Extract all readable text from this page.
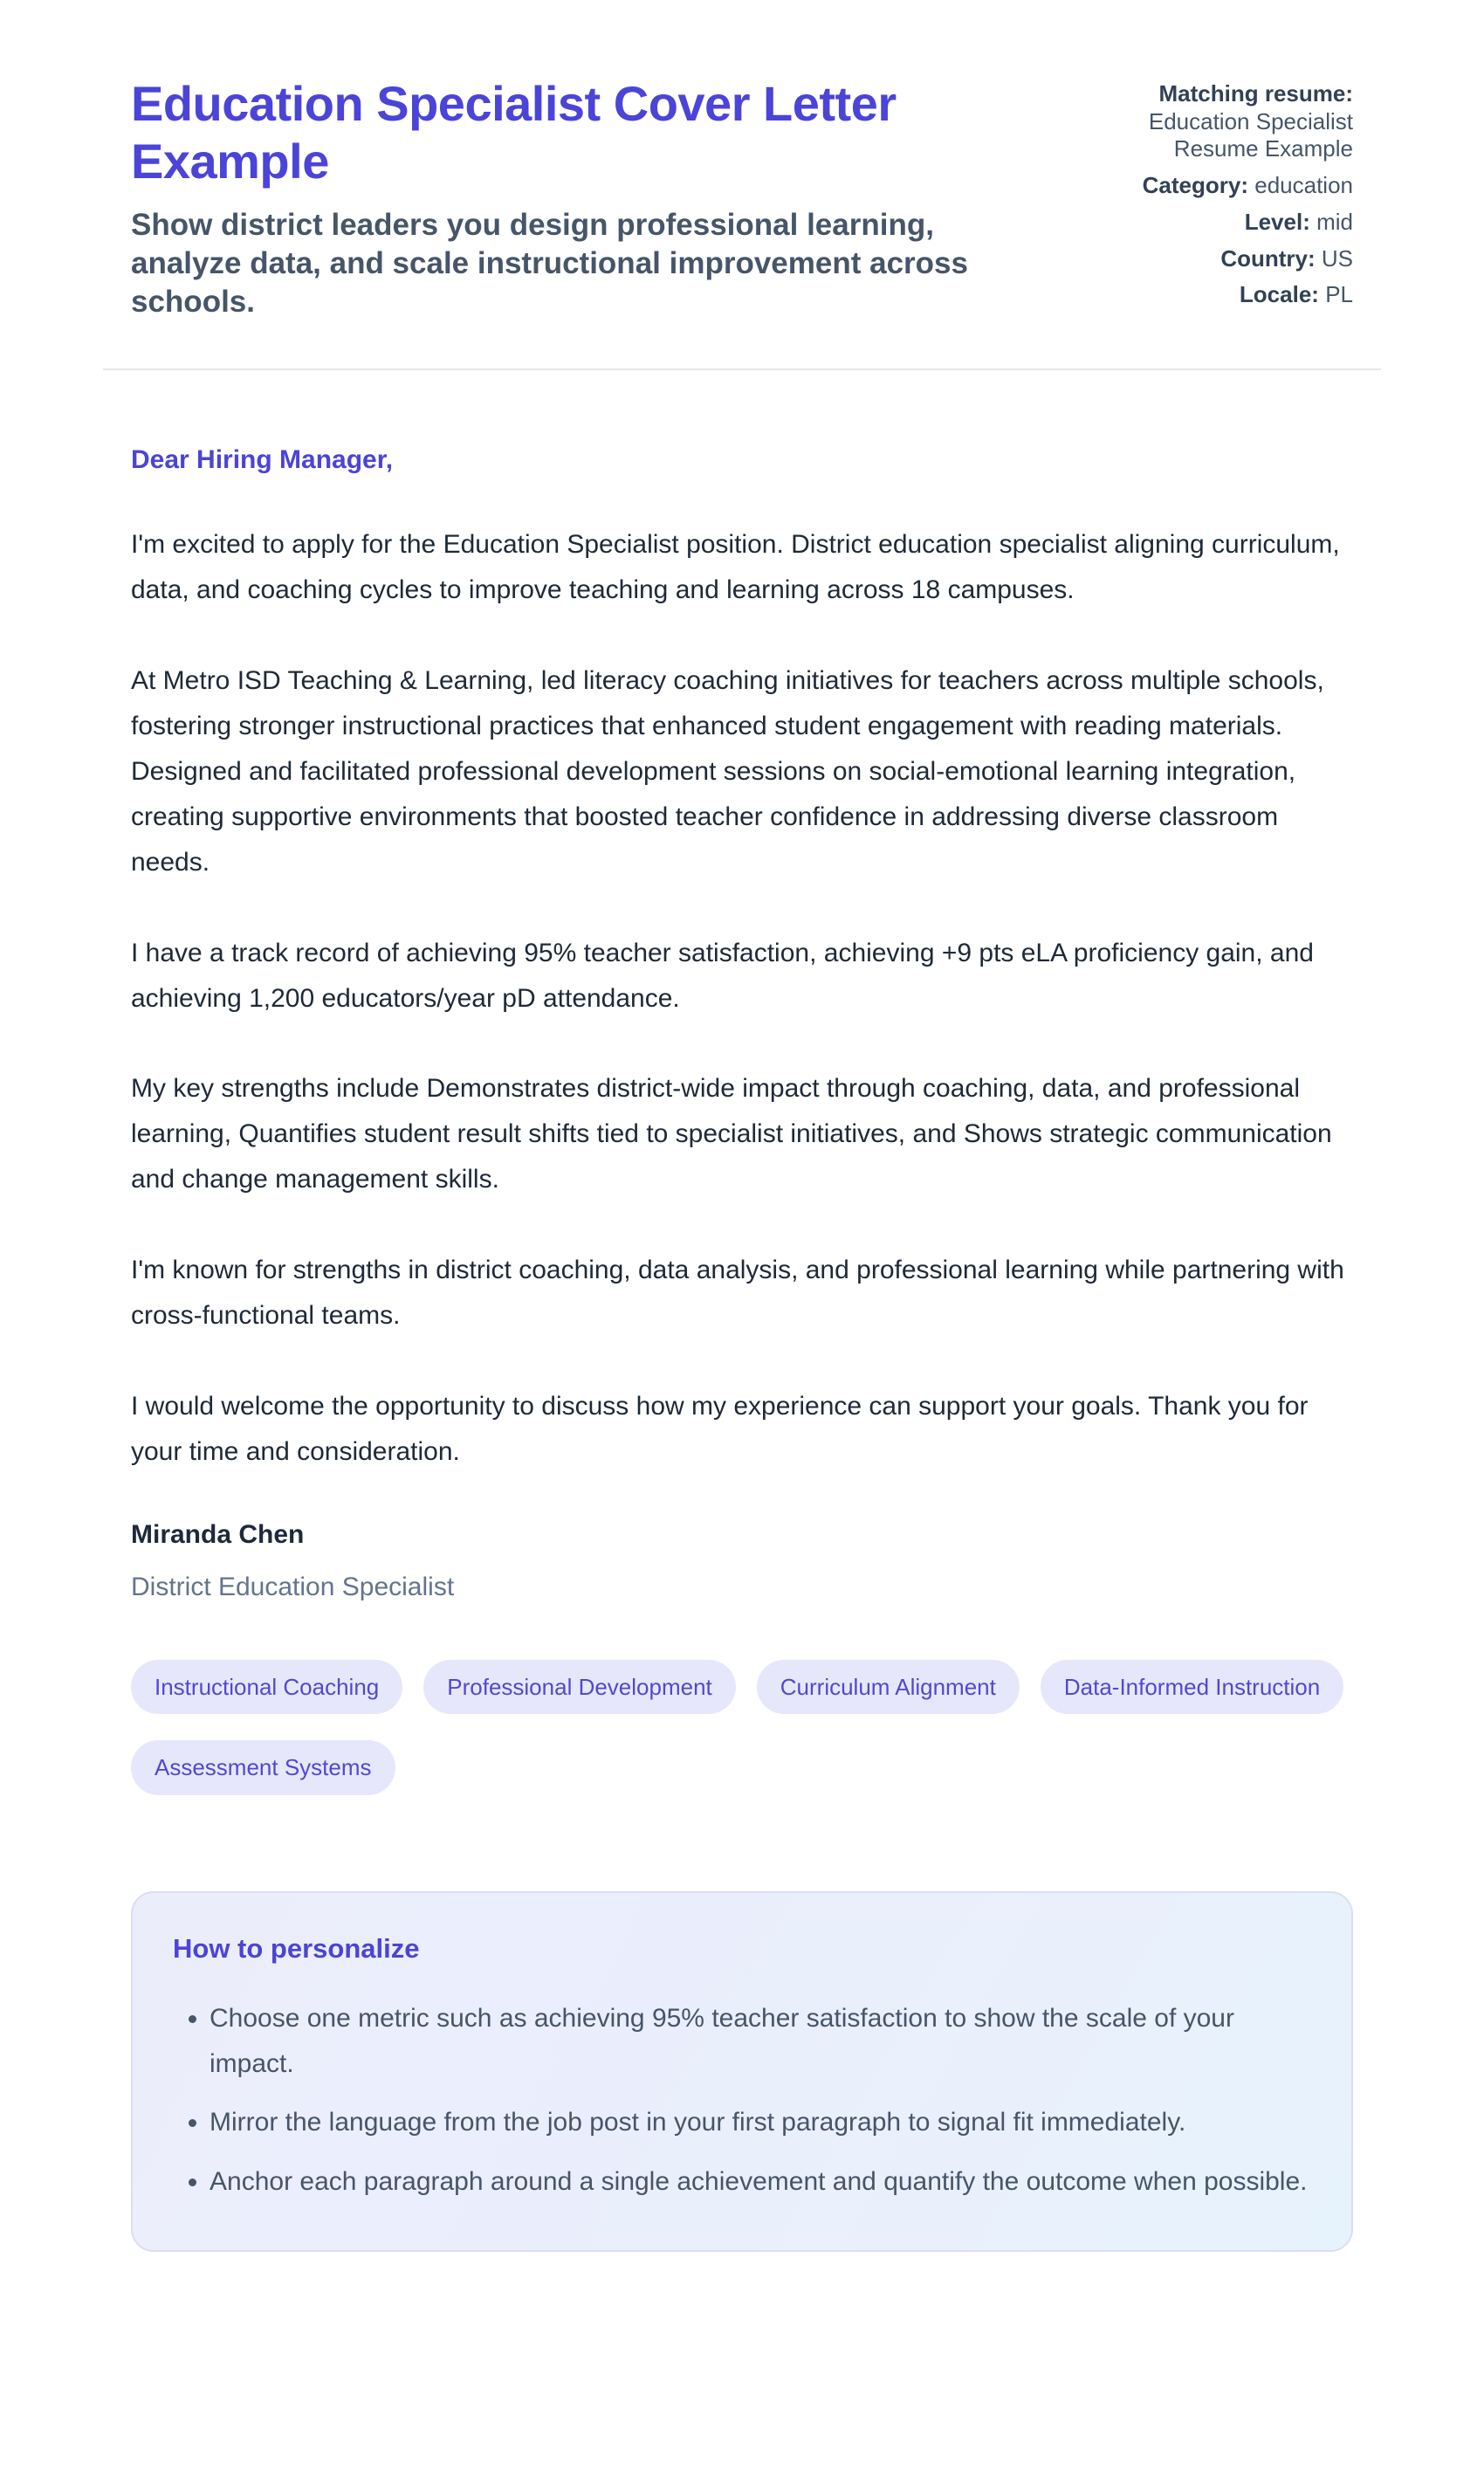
Education Specialist Cover Letter Example

Show district leaders you design professional learning, analyze data, and scale instructional improvement across schools.

Matching resume: Education Specialist Resume Example
Category: education
Level: mid
Country: US
Locale: PL

Dear Hiring Manager,

I'm excited to apply for the Education Specialist position. District education specialist aligning curriculum, data, and coaching cycles to improve teaching and learning across 18 campuses.

At Metro ISD Teaching & Learning, led literacy coaching initiatives for teachers across multiple schools, fostering stronger instructional practices that enhanced student engagement with reading materials. Designed and facilitated professional development sessions on social-emotional learning integration, creating supportive environments that boosted teacher confidence in addressing diverse classroom needs.

I have a track record of achieving 95% teacher satisfaction, achieving +9 pts eLA proficiency gain, and achieving 1,200 educators/year pD attendance.

My key strengths include Demonstrates district-wide impact through coaching, data, and professional learning, Quantifies student result shifts tied to specialist initiatives, and Shows strategic communication and change management skills.

I'm known for strengths in district coaching, data analysis, and professional learning while partnering with cross-functional teams.

I would welcome the opportunity to discuss how my experience can support your goals. Thank you for your time and consideration.

Miranda Chen

District Education Specialist

Instructional Coaching	Professional Development	Curriculum Alignment	Data-Informed Instruction
Assessment Systems
How to personalize
• Choose one metric such as achieving 95% teacher satisfaction to show the scale of your impact.
• Mirror the language from the job post in your first paragraph to signal fit immediately.
• Anchor each paragraph around a single achievement and quantify the outcome when possible.
